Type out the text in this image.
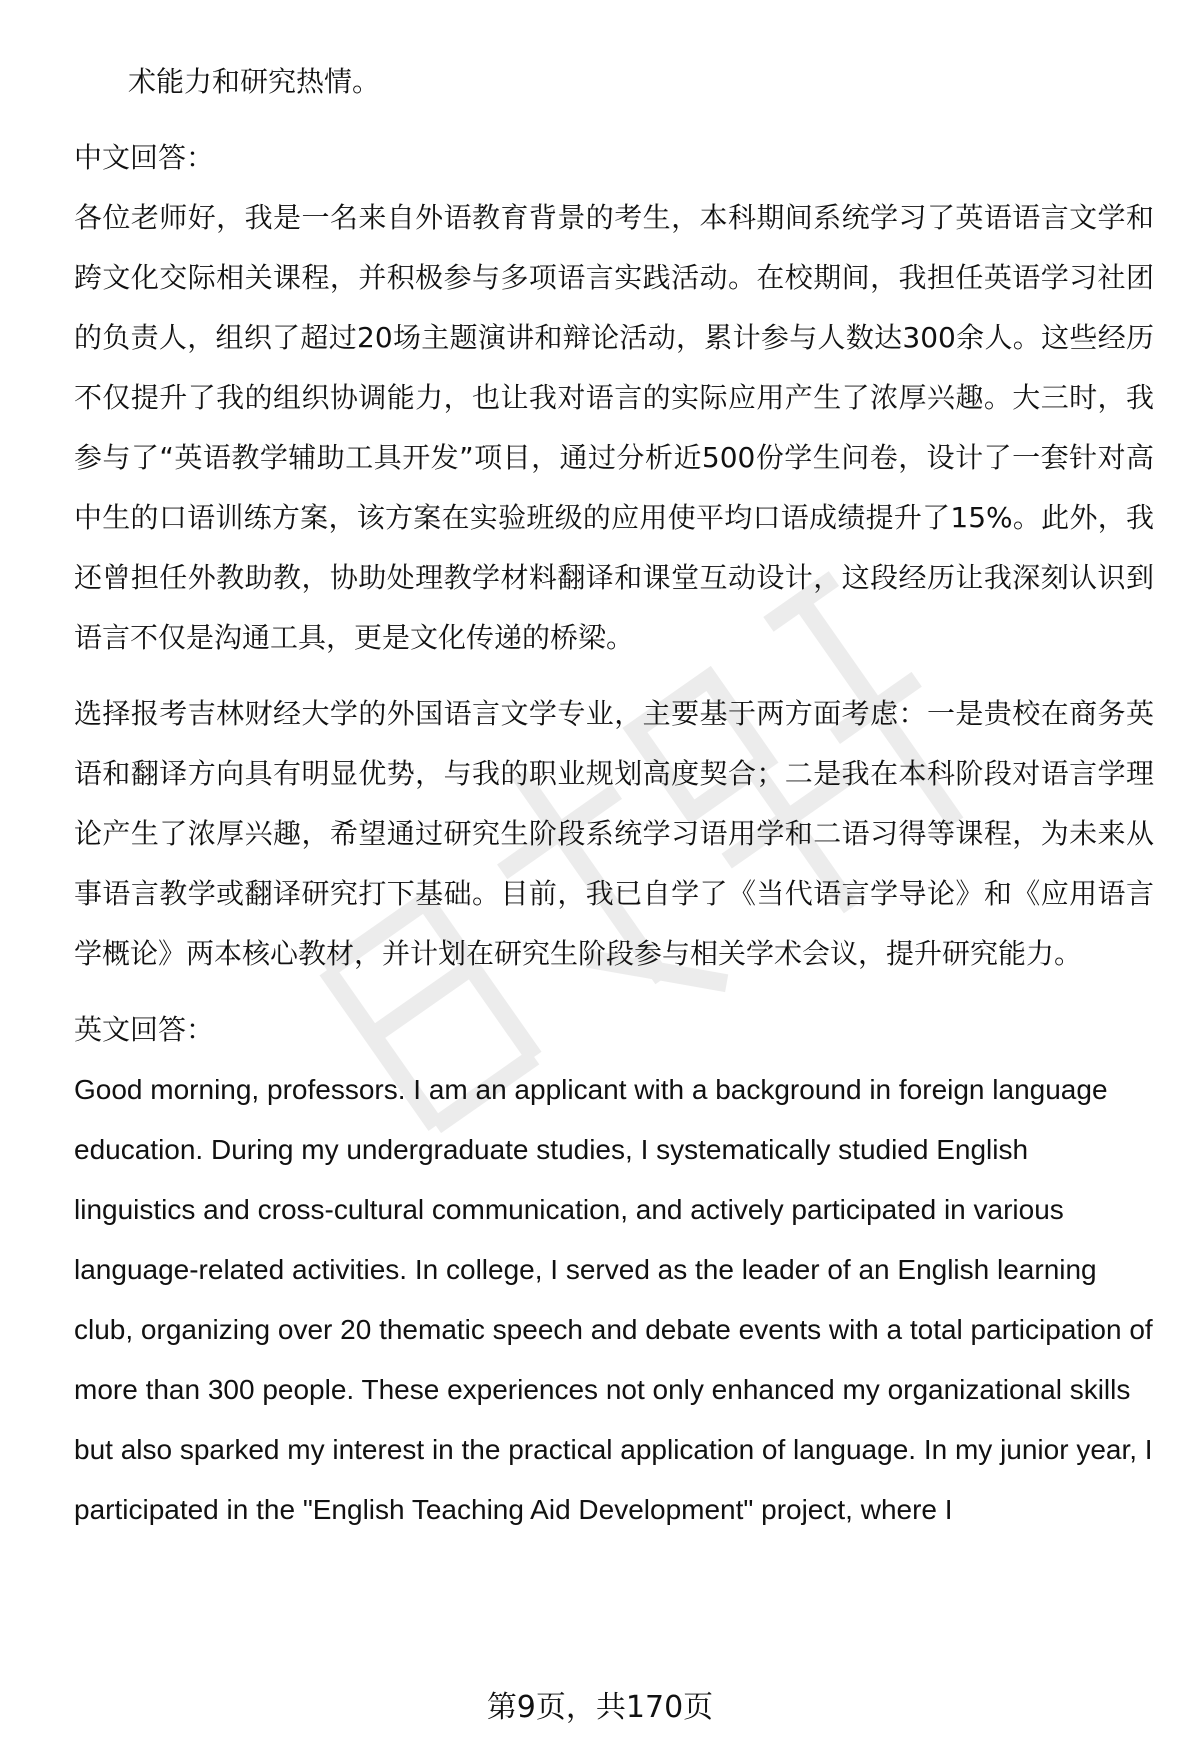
术能力和研究热情。
中文回答：
各位老师好，我是一名来自外语教育背景的考生，本科期间系统学习了英语语言文学和跨文化交际相关课程，并积极参与多项语言实践活动。在校期间，我担任英语学习社团的负责人，组织了超过20场主题演讲和辩论活动，累计参与人数达300余人。这些经历不仅提升了我的组织协调能力，也让我对语言的实际应用产生了浓厚兴趣。大三时，我参与了“英语教学辅助工具开发”项目，通过分析近500份学生问卷，设计了一套针对高中生的口语训练方案，该方案在实验班级的应用使平均口语成绩提升了15%。此外，我还曾担任外教助教，协助处理教学材料翻译和课堂互动设计，这段经历让我深刻认识到语言不仅是沟通工具，更是文化传递的桥梁。
选择报考吉林财经大学的外国语言文学专业，主要基于两方面考虑：一是贵校在商务英语和翻译方向具有明显优势，与我的职业规划高度契合；二是我在本科阶段对语言学理论产生了浓厚兴趣，希望通过研究生阶段系统学习语用学和二语习得等课程，为未来从事语言教学或翻译研究打下基础。目前，我已自学了《当代语言学导论》和《应用语言学概论》两本核心教材，并计划在研究生阶段参与相关学术会议，提升研究能力。
英文回答：
Good morning, professors. I am an applicant with a background in foreign language education. During my undergraduate studies, I systematically studied English linguistics and cross-cultural communication, and actively participated in various language-related activities. In college, I served as the leader of an English learning club, organizing over 20 thematic speech and debate events with a total participation of more than 300 people. These experiences not only enhanced my organizational skills but also sparked my interest in the practical application of language. In my junior year, I participated in the "English Teaching Aid Development" project, where I
第9页，共170页
